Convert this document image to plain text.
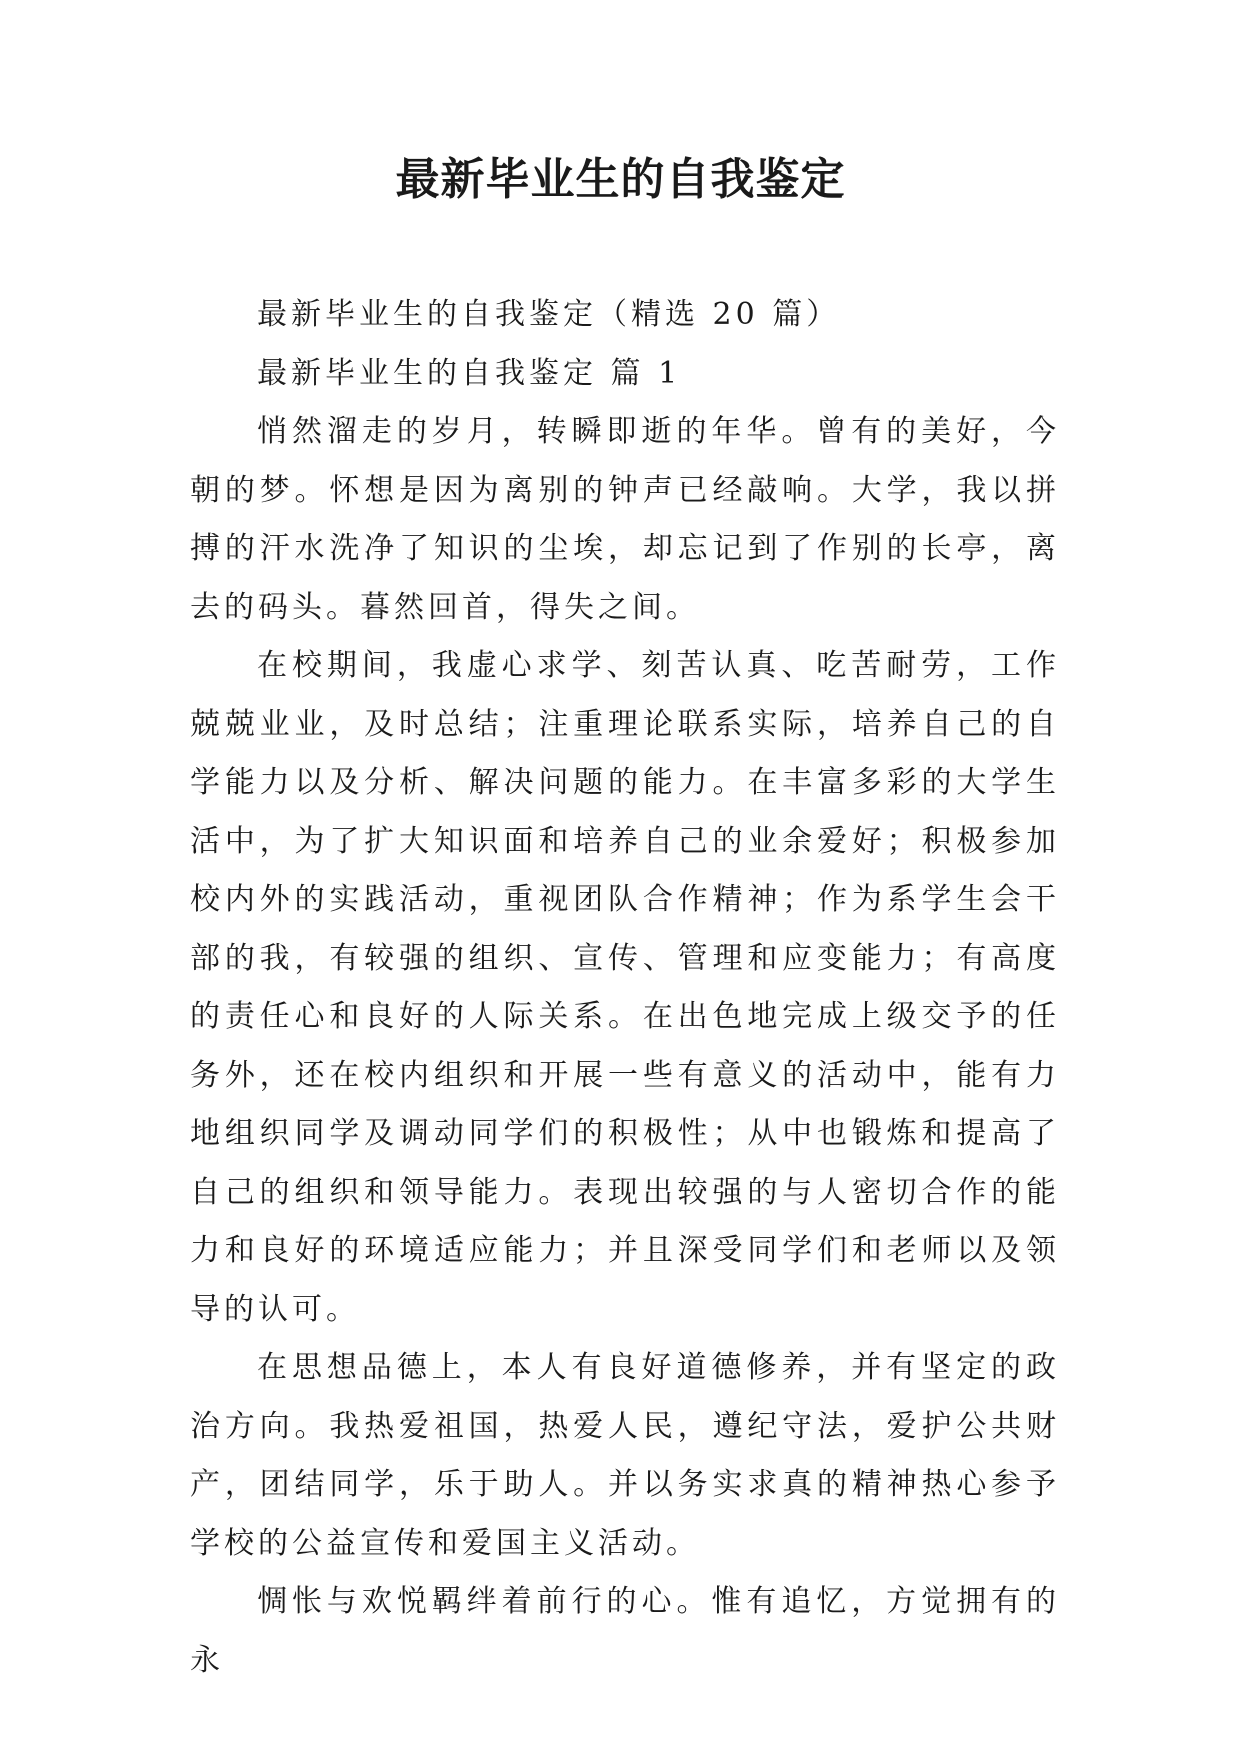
最新毕业生的自我鉴定

最新毕业生的自我鉴定（精选 20 篇）

最新毕业生的自我鉴定 篇 1

悄然溜走的岁月，转瞬即逝的年华。曾有的美好，今朝的梦。怀想是因为离别的钟声已经敲响。大学，我以拼搏的汗水洗净了知识的尘埃，却忘记到了作别的长亭，离去的码头。暮然回首，得失之间。

在校期间，我虚心求学、刻苦认真、吃苦耐劳，工作兢兢业业，及时总结；注重理论联系实际，培养自己的自学能力以及分析、解决问题的能力。在丰富多彩的大学生活中，为了扩大知识面和培养自己的业余爱好；积极参加校内外的实践活动，重视团队合作精神；作为系学生会干部的我，有较强的组织、宣传、管理和应变能力；有高度的责任心和良好的人际关系。在出色地完成上级交予的任务外，还在校内组织和开展一些有意义的活动中，能有力地组织同学及调动同学们的积极性；从中也锻炼和提高了自己的组织和领导能力。表现出较强的与人密切合作的能力和良好的环境适应能力；并且深受同学们和老师以及领导的认可。

在思想品德上，本人有良好道德修养，并有坚定的政治方向。我热爱祖国，热爱人民，遵纪守法，爱护公共财产，团结同学，乐于助人。并以务实求真的精神热心参予学校的公益宣传和爱国主义活动。

惆怅与欢悦羁绊着前行的心。惟有追忆，方觉拥有的永
